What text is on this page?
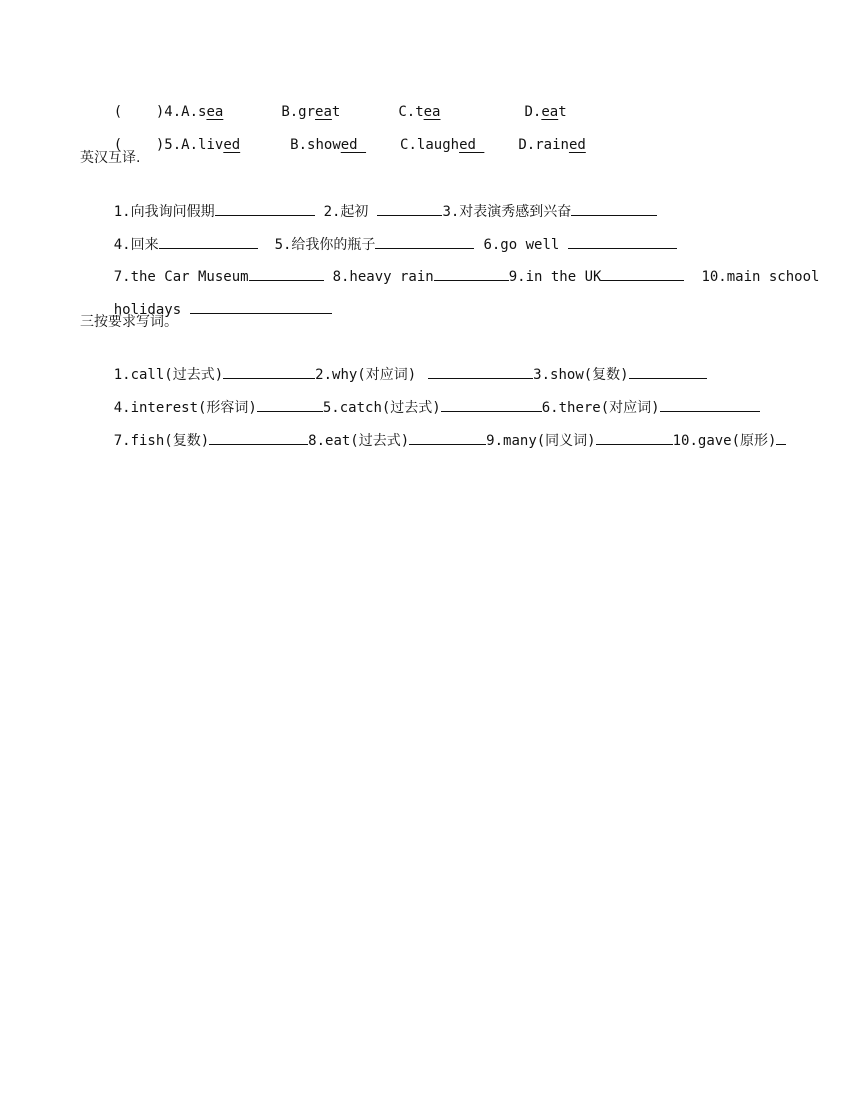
(    )4.A.sea	B.great	C.tea	D.eat

(    )5.A.lived	B.showed C.laughed D.rained

英汉互译.

1.向我询问假期	2.起初	3.对表演秀感到兴奋

4.回来	5.给我你的瓶子	6.go well

7.the Car Museum	8.heavy rain	9.in the UK	10.main school

holidays

三按要求写词。

1.call(过去式)	2.why(对应词)	3.show(复数)

4.interest(形容词)	5.catch(过去式)	6.there(对应词)

7.fish(复数)	8.eat(过去式)	9.many(同义词)	10.gave(原形)
